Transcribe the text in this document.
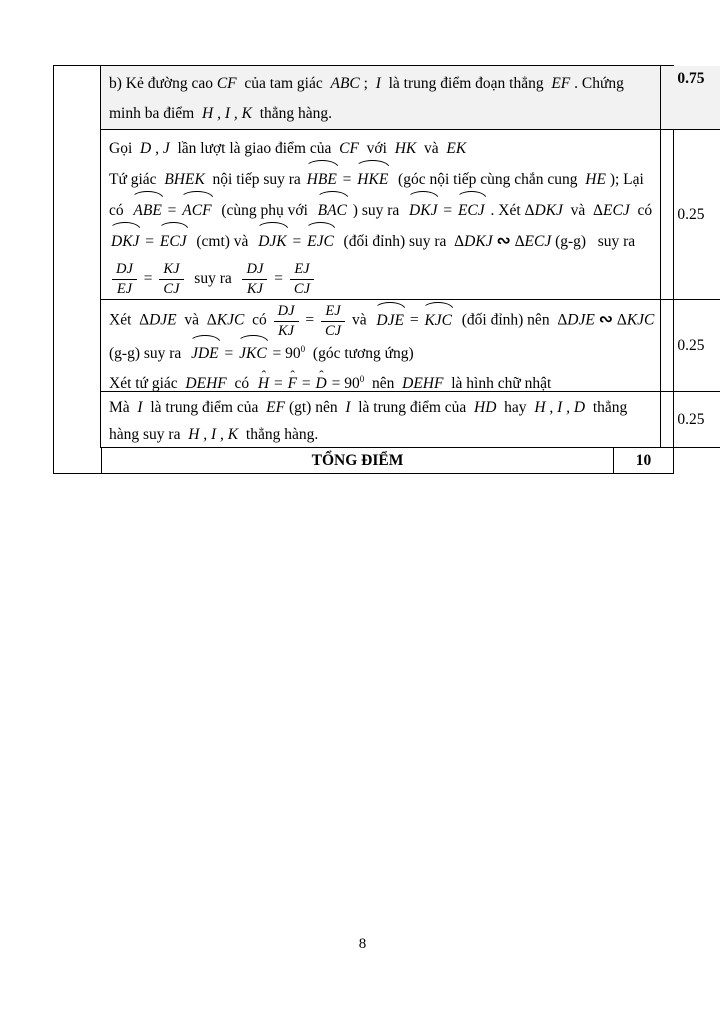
b) Kẻ đường cao CF  của tam giác  ABC ;  I  là trung điểm đoạn thẳng  EF . Chứng
minh ba điểm  H , I , K  thẳng hàng.
0.75
Gọi  D , J  lần lượt là giao điểm của  CF  với  HK  và  EK
Tứ giác  BHEK  nội tiếp suy ra HBE = HKE  (góc nội tiếp cùng chắn cung  HE ); Lại
có  ABE = ACF  (cùng phụ với  BAC ) suy ra  DKJ = ECJ . Xét ΔDKJ  và  ΔECJ  có
DKJ = ECJ  (cmt) và  DJK = EJC  (đối đỉnh) suy ra  ΔDKJ ∾ ΔECJ (g-g)   suy ra
$\frac{DJ}{EJ} = \frac{KJ}{CJ}$ suy ra $\frac{DJ}{KJ} = \frac{EJ}{CJ}$
0.25
Xét  ΔDJE  và  ΔKJC  có $\frac{DJ}{KJ} = \frac{EJ}{CJ}$ và  DJE = KJC  (đối đỉnh) nên  ΔDJE ∾ ΔKJC
(g-g) suy ra  JDE = JKC = $90^0$  (góc tương ứng)
Xét tứ giác  DEHF  có  H ˆ = F ˆ = D ˆ = $90^0$  nên  DEHF  là hình chữ nhật
0.25
Mà  I  là trung điểm của  EF (gt) nên  I  là trung điểm của  HD  hay  H , I , D  thẳng
hàng suy ra  H , I , K  thẳng hàng.
0.25
TỔNG ĐIỂM	10
8
